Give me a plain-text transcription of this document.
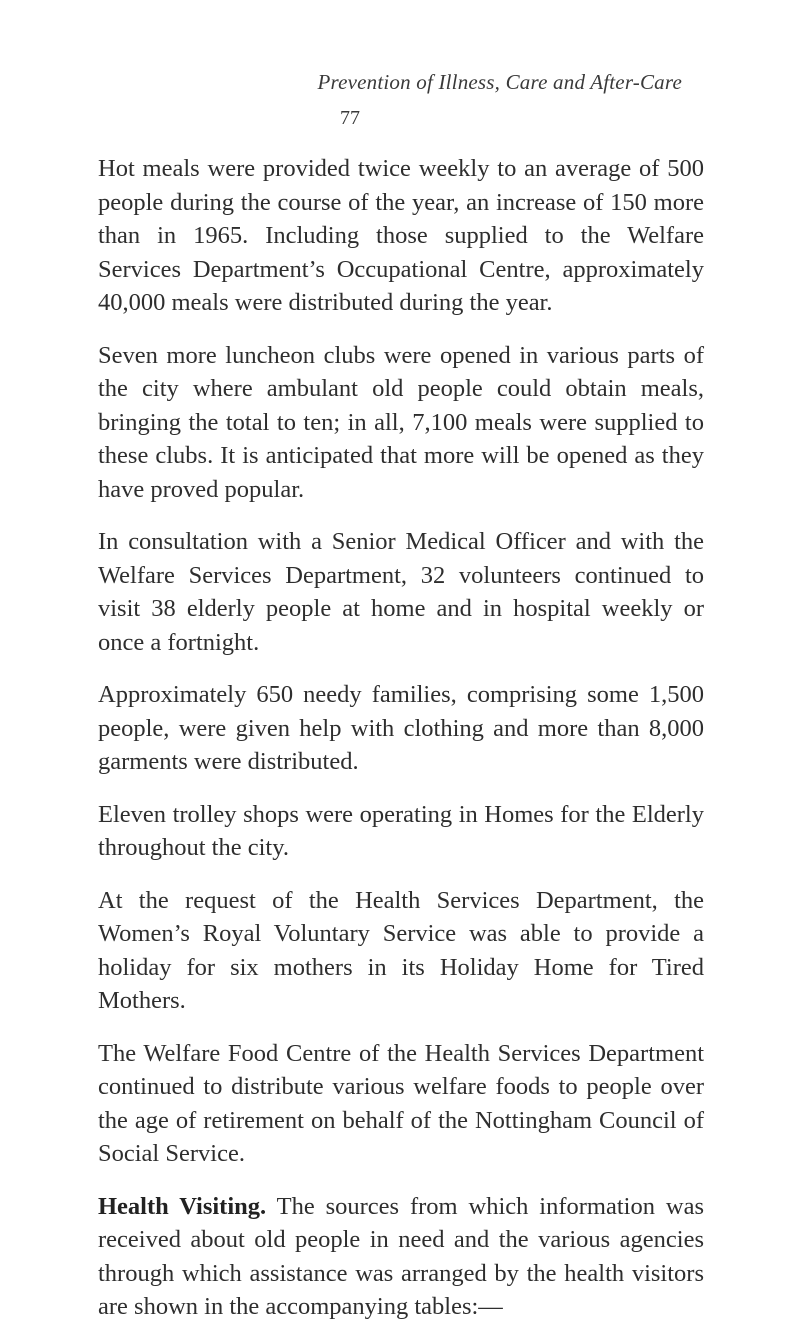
Prevention of Illness, Care and After-Care
77

Hot meals were provided twice weekly to an average of 500 people during the course of the year, an increase of 150 more than in 1965. Including those supplied to the Welfare Services Department’s Occupational Centre, approximately 40,000 meals were distributed during the year.

Seven more luncheon clubs were opened in various parts of the city where ambulant old people could obtain meals, bringing the total to ten; in all, 7,100 meals were supplied to these clubs. It is anticipated that more will be opened as they have proved popular.

In consultation with a Senior Medical Officer and with the Welfare Services Department, 32 volunteers continued to visit 38 elderly people at home and in hospital weekly or once a fortnight.

Approximately 650 needy families, comprising some 1,500 people, were given help with clothing and more than 8,000 garments were distributed.

Eleven trolley shops were operating in Homes for the Elderly throughout the city.

At the request of the Health Services Department, the Women’s Royal Voluntary Service was able to provide a holiday for six mothers in its Holiday Home for Tired Mothers.

The Welfare Food Centre of the Health Services Department continued to distribute various welfare foods to people over the age of retirement on behalf of the Nottingham Council of Social Service.

Health Visiting. The sources from which information was received about old people in need and the various agencies through which assistance was arranged by the health visitors are shown in the accompanying tables:—
